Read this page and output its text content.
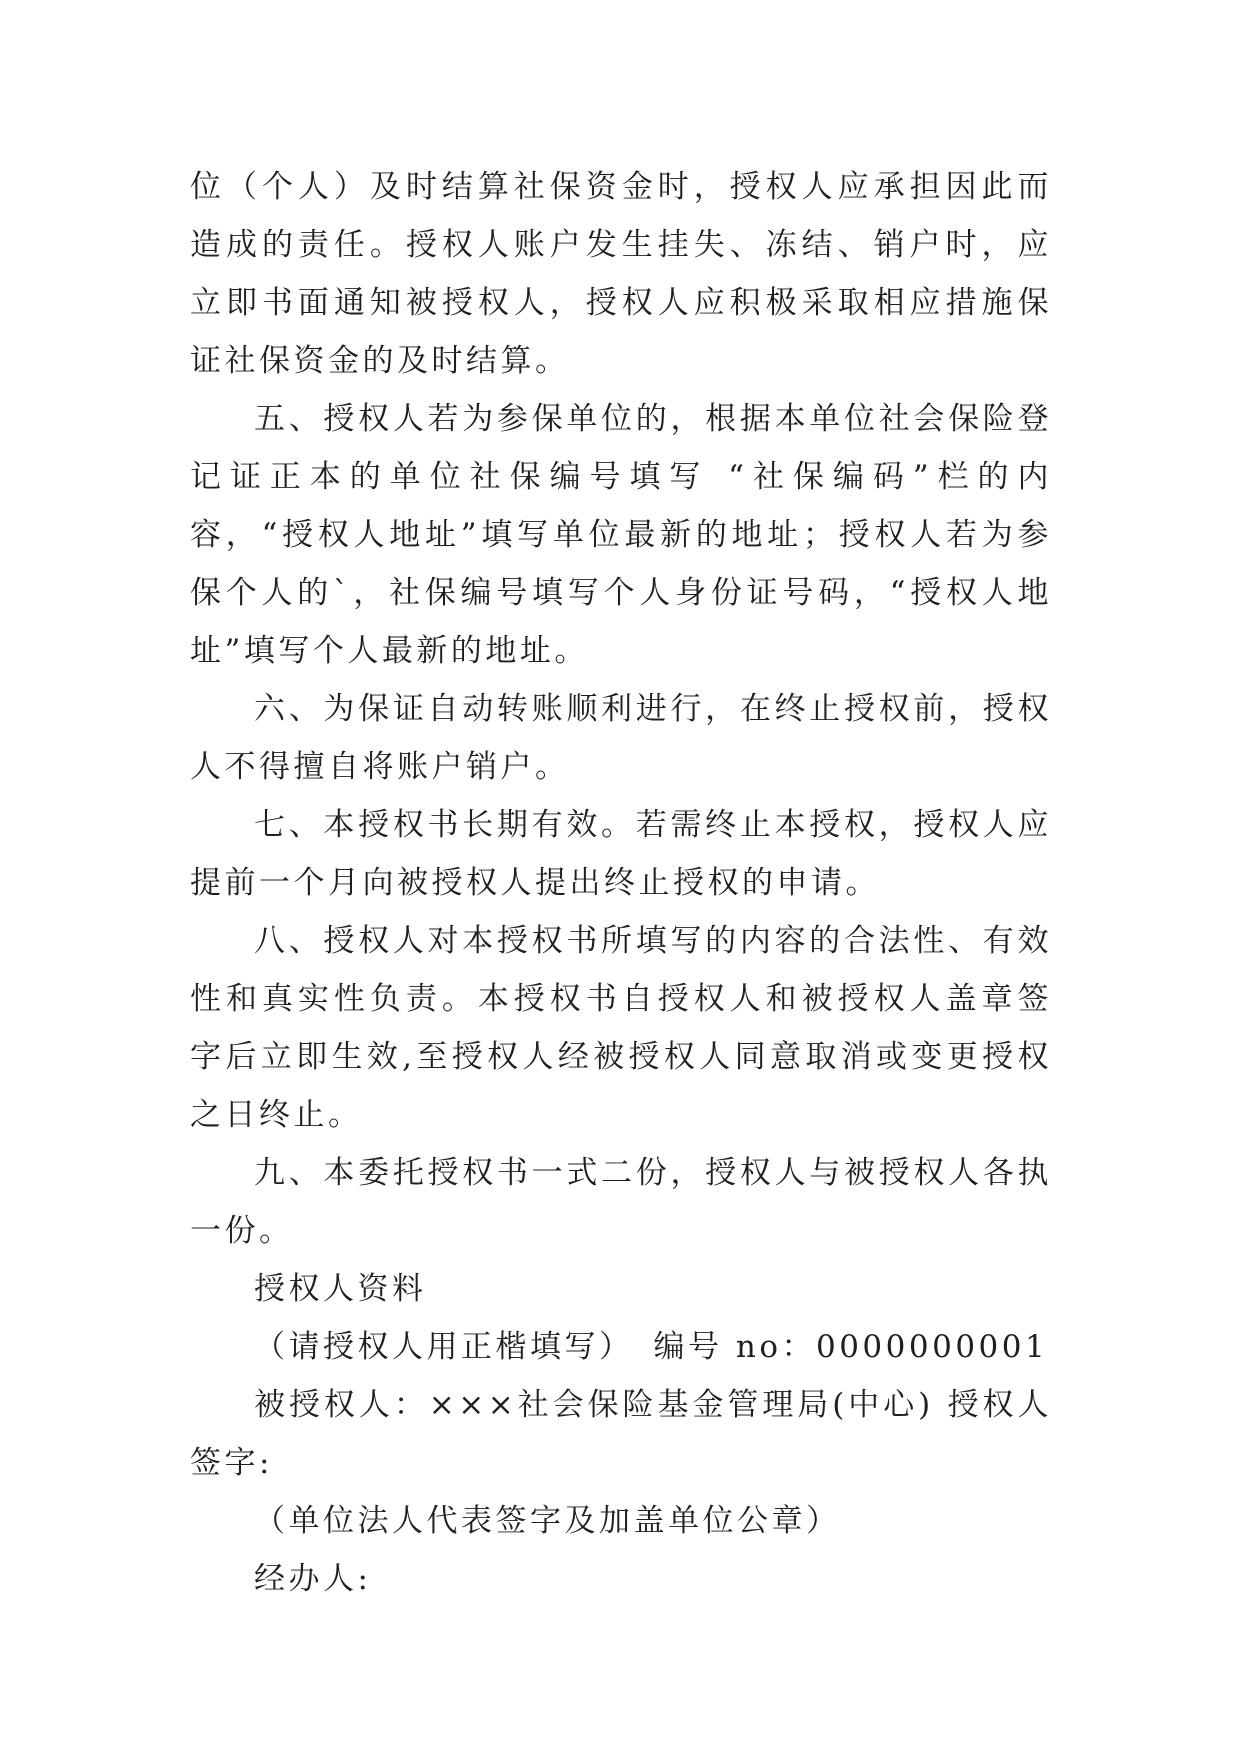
位（个人）及时结算社保资金时，授权人应承担因此而造成的责任。授权人账户发生挂失、冻结、销户时，应立即书面通知被授权人，授权人应积极采取相应措施保证社保资金的及时结算。

五、授权人若为参保单位的，根据本单位社会保险登记证正本的单位社保编号填写 “社保编码”栏的内容，“授权人地址”填写单位最新的地址；授权人若为参保个人的`，社保编号填写个人身份证号码，“授权人地址”填写个人最新的地址。

六、为保证自动转账顺利进行，在终止授权前，授权人不得擅自将账户销户。

七、本授权书长期有效。若需终止本授权，授权人应提前一个月向被授权人提出终止授权的申请。

八、授权人对本授权书所填写的内容的合法性、有效性和真实性负责。本授权书自授权人和被授权人盖章签字后立即生效,至授权人经被授权人同意取消或变更授权之日终止。

九、本委托授权书一式二份，授权人与被授权人各执一份。

授权人资料

（请授权人用正楷填写） 编号 no：0000000001

被授权人：×××社会保险基金管理局(中心) 授权人签字:

（单位法人代表签字及加盖单位公章）

经办人:
